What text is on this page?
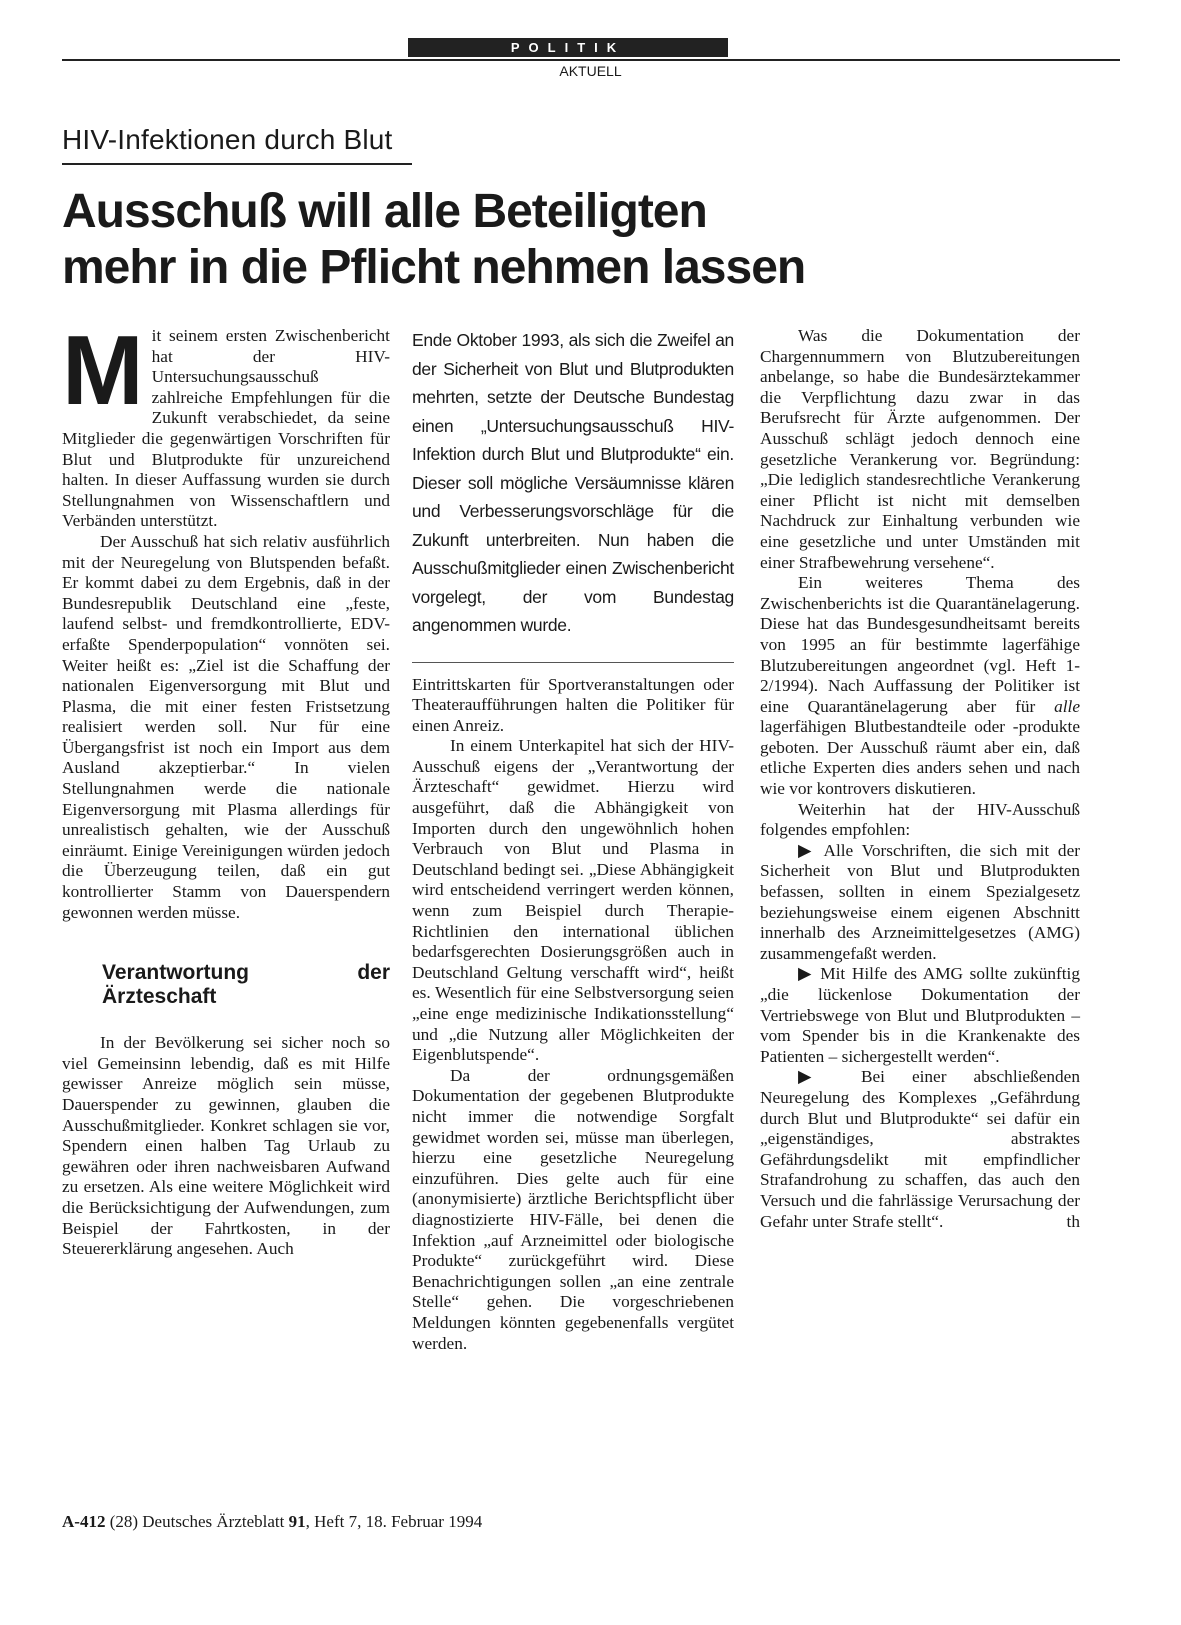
POLITIK
AKTUELL
HIV-Infektionen durch Blut
Ausschuß will alle Beteiligten
mehr in die Pflicht nehmen lassen

Mit seinem ersten Zwischenbericht hat der HIV-Untersuchungsausschuß zahlreiche Empfehlungen für die Zukunft verabschiedet, da seine Mitglieder die gegenwärtigen Vorschriften für Blut und Blutprodukte für unzureichend halten. In dieser Auffassung wurden sie durch Stellungnahmen von Wissenschaftlern und Verbänden unterstützt.

Der Ausschuß hat sich relativ ausführlich mit der Neuregelung von Blutspenden befaßt. Er kommt dabei zu dem Ergebnis, daß in der Bundesrepublik Deutschland eine „feste, laufend selbst- und fremdkontrollierte, EDV-erfaßte Spenderpopulation“ vonnöten sei. Weiter heißt es: „Ziel ist die Schaffung der nationalen Eigenversorgung mit Blut und Plasma, die mit einer festen Fristsetzung realisiert werden soll. Nur für eine Übergangsfrist ist noch ein Import aus dem Ausland akzeptierbar.“ In vielen Stellungnahmen werde die nationale Eigenversorgung mit Plasma allerdings für unrealistisch gehalten, wie der Ausschuß einräumt. Einige Vereinigungen würden jedoch die Überzeugung teilen, daß ein gut kontrollierter Stamm von Dauerspendern gewonnen werden müsse.

Verantwortung der Ärzteschaft

In der Bevölkerung sei sicher noch so viel Gemeinsinn lebendig, daß es mit Hilfe gewisser Anreize möglich sein müsse, Dauerspender zu gewinnen, glauben die Ausschußmitglieder. Konkret schlagen sie vor, Spendern einen halben Tag Urlaub zu gewähren oder ihren nachweisbaren Aufwand zu ersetzen. Als eine weitere Möglichkeit wird die Berücksichtigung der Aufwendungen, zum Beispiel der Fahrtkosten, in der Steuererklärung angesehen. Auch

Ende Oktober 1993, als sich die Zweifel an der Sicherheit von Blut und Blutprodukten mehrten, setzte der Deutsche Bundestag einen „Untersuchungsausschuß HIV-Infektion durch Blut und Blutprodukte“ ein. Dieser soll mögliche Versäumnisse klären und Verbesserungsvorschläge für die Zukunft unterbreiten. Nun haben die Ausschußmitglieder einen Zwischenbericht vorgelegt, der vom Bundestag angenommen wurde.

Eintrittskarten für Sportveranstaltungen oder Theateraufführungen halten die Politiker für einen Anreiz.

In einem Unterkapitel hat sich der HIV-Ausschuß eigens der „Verantwortung der Ärzteschaft“ gewidmet. Hierzu wird ausgeführt, daß die Abhängigkeit von Importen durch den ungewöhnlich hohen Verbrauch von Blut und Plasma in Deutschland bedingt sei. „Diese Abhängigkeit wird entscheidend verringert werden können, wenn zum Beispiel durch Therapie-Richtlinien den international üblichen bedarfsgerechten Dosierungsgrößen auch in Deutschland Geltung verschafft wird“, heißt es. Wesentlich für eine Selbstversorgung seien „eine enge medizinische Indikationsstellung“ und „die Nutzung aller Möglichkeiten der Eigenblutspende“.

Da der ordnungsgemäßen Dokumentation der gegebenen Blutprodukte nicht immer die notwendige Sorgfalt gewidmet worden sei, müsse man überlegen, hierzu eine gesetzliche Neuregelung einzuführen. Dies gelte auch für eine (anonymisierte) ärztliche Berichtspflicht über diagnostizierte HIV-Fälle, bei denen die Infektion „auf Arzneimittel oder biologische Produkte“ zurückgeführt wird. Diese Benachrichtigungen sollen „an eine zentrale Stelle“ gehen. Die vorgeschriebenen Meldungen könnten gegebenenfalls vergütet werden.

Was die Dokumentation der Chargennummern von Blutzubereitungen anbelange, so habe die Bundesärztekammer die Verpflichtung dazu zwar in das Berufsrecht für Ärzte aufgenommen. Der Ausschuß schlägt jedoch dennoch eine gesetzliche Verankerung vor. Begründung: „Die lediglich standesrechtliche Verankerung einer Pflicht ist nicht mit demselben Nachdruck zur Einhaltung verbunden wie eine gesetzliche und unter Umständen mit einer Strafbewehrung versehene“.

Ein weiteres Thema des Zwischenberichts ist die Quarantänelagerung. Diese hat das Bundesgesundheitsamt bereits von 1995 an für bestimmte lagerfähige Blutzubereitungen angeordnet (vgl. Heft 1-2/1994). Nach Auffassung der Politiker ist eine Quarantänelagerung aber für alle lagerfähigen Blutbestandteile oder -produkte geboten. Der Ausschuß räumt aber ein, daß etliche Experten dies anders sehen und nach wie vor kontrovers diskutieren.

Weiterhin hat der HIV-Ausschuß folgendes empfohlen:

▶ Alle Vorschriften, die sich mit der Sicherheit von Blut und Blutprodukten befassen, sollten in einem Spezialgesetz beziehungsweise einem eigenen Abschnitt innerhalb des Arzneimittelgesetzes (AMG) zusammengefaßt werden.

▶ Mit Hilfe des AMG sollte zukünftig „die lückenlose Dokumentation der Vertriebswege von Blut und Blutprodukten – vom Spender bis in die Krankenakte des Patienten – sichergestellt werden“.

▶ Bei einer abschließenden Neuregelung des Komplexes „Gefährdung durch Blut und Blutprodukte“ sei dafür ein „eigenständiges, abstraktes Gefährdungsdelikt mit empfindlicher Strafandrohung zu schaffen, das auch den Versuch und die fahrlässige Verursachung der Gefahr unter Strafe stellt“.	th

A-412 (28) Deutsches Ärzteblatt 91, Heft 7, 18. Februar 1994
